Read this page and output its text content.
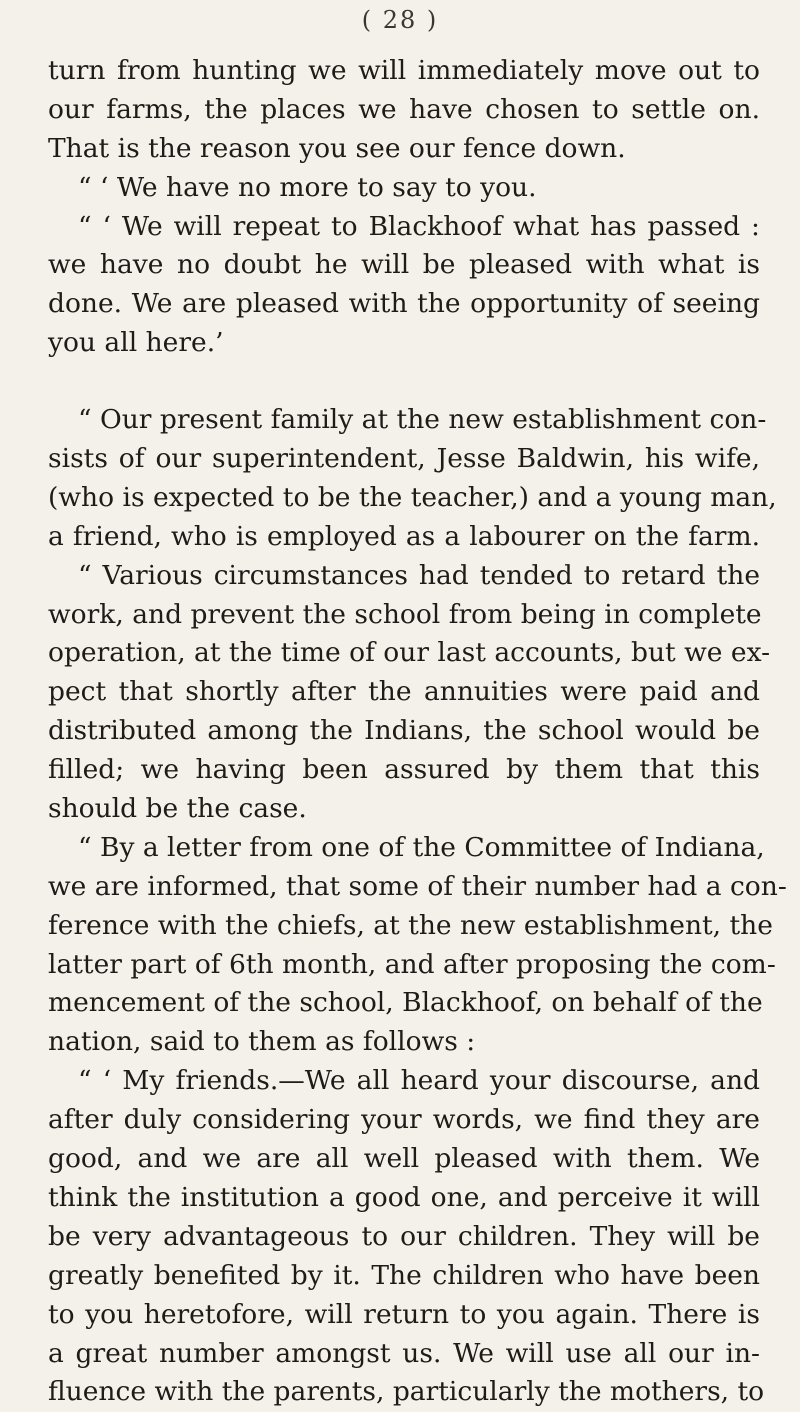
( 28 )
turn from hunting we will immediately move out to
our farms, the places we have chosen to settle on.
That is the reason you see our fence down.
“ ‘ We have no more to say to you.
“ ‘ We will repeat to Blackhoof what has passed :
we have no doubt he will be pleased with what is
done. We are pleased with the opportunity of seeing
you all here.’
“ Our present family at the new establishment con-
sists of our superintendent, Jesse Baldwin, his wife,
(who is expected to be the teacher,) and a young man,
a friend, who is employed as a labourer on the farm.
“ Various circumstances had tended to retard the
work, and prevent the school from being in complete
operation, at the time of our last accounts, but we ex-
pect that shortly after the annuities were paid and
distributed among the Indians, the school would be
filled; we having been assured by them that this
should be the case.
“ By a letter from one of the Committee of Indiana,
we are informed, that some of their number had a con-
ference with the chiefs, at the new establishment, the
latter part of 6th month, and after proposing the com-
mencement of the school, Blackhoof, on behalf of the
nation, said to them as follows :
“ ‘ My friends.—We all heard your discourse, and
after duly considering your words, we find they are
good, and we are all well pleased with them. We
think the institution a good one, and perceive it will
be very advantageous to our children. They will be
greatly benefited by it. The children who have been
to you heretofore, will return to you again. There is
a great number amongst us. We will use all our in-
fluence with the parents, particularly the mothers, to
